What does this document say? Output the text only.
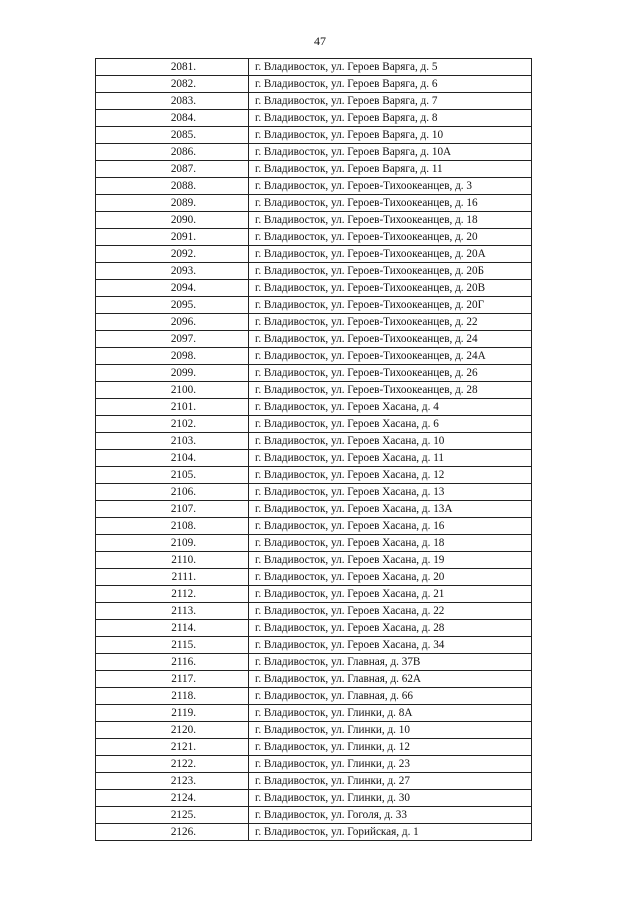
47
2081.	г. Владивосток, ул. Героев Варяга, д. 5
2082.	г. Владивосток, ул. Героев Варяга, д. 6
2083.	г. Владивосток, ул. Героев Варяга, д. 7
2084.	г. Владивосток, ул. Героев Варяга, д. 8
2085.	г. Владивосток, ул. Героев Варяга, д. 10
2086.	г. Владивосток, ул. Героев Варяга, д. 10А
2087.	г. Владивосток, ул. Героев Варяга, д. 11
2088.	г. Владивосток, ул. Героев-Тихоокеанцев, д. 3
2089.	г. Владивосток, ул. Героев-Тихоокеанцев, д. 16
2090.	г. Владивосток, ул. Героев-Тихоокеанцев, д. 18
2091.	г. Владивосток, ул. Героев-Тихоокеанцев, д. 20
2092.	г. Владивосток, ул. Героев-Тихоокеанцев, д. 20А
2093.	г. Владивосток, ул. Героев-Тихоокеанцев, д. 20Б
2094.	г. Владивосток, ул. Героев-Тихоокеанцев, д. 20В
2095.	г. Владивосток, ул. Героев-Тихоокеанцев, д. 20Г
2096.	г. Владивосток, ул. Героев-Тихоокеанцев, д. 22
2097.	г. Владивосток, ул. Героев-Тихоокеанцев, д. 24
2098.	г. Владивосток, ул. Героев-Тихоокеанцев, д. 24А
2099.	г. Владивосток, ул. Героев-Тихоокеанцев, д. 26
2100.	г. Владивосток, ул. Героев-Тихоокеанцев, д. 28
2101.	г. Владивосток, ул. Героев Хасана, д. 4
2102.	г. Владивосток, ул. Героев Хасана, д. 6
2103.	г. Владивосток, ул. Героев Хасана, д. 10
2104.	г. Владивосток, ул. Героев Хасана, д. 11
2105.	г. Владивосток, ул. Героев Хасана, д. 12
2106.	г. Владивосток, ул. Героев Хасана, д. 13
2107.	г. Владивосток, ул. Героев Хасана, д. 13А
2108.	г. Владивосток, ул. Героев Хасана, д. 16
2109.	г. Владивосток, ул. Героев Хасана, д. 18
2110.	г. Владивосток, ул. Героев Хасана, д. 19
2111.	г. Владивосток, ул. Героев Хасана, д. 20
2112.	г. Владивосток, ул. Героев Хасана, д. 21
2113.	г. Владивосток, ул. Героев Хасана, д. 22
2114.	г. Владивосток, ул. Героев Хасана, д. 28
2115.	г. Владивосток, ул. Героев Хасана, д. 34
2116.	г. Владивосток, ул. Главная, д. 37В
2117.	г. Владивосток, ул. Главная, д. 62А
2118.	г. Владивосток, ул. Главная, д. 66
2119.	г. Владивосток, ул. Глинки, д. 8А
2120.	г. Владивосток, ул. Глинки, д. 10
2121.	г. Владивосток, ул. Глинки, д. 12
2122.	г. Владивосток, ул. Глинки, д. 23
2123.	г. Владивосток, ул. Глинки, д. 27
2124.	г. Владивосток, ул. Глинки, д. 30
2125.	г. Владивосток, ул. Гоголя, д. 33
2126.	г. Владивосток, ул. Горийская, д. 1
